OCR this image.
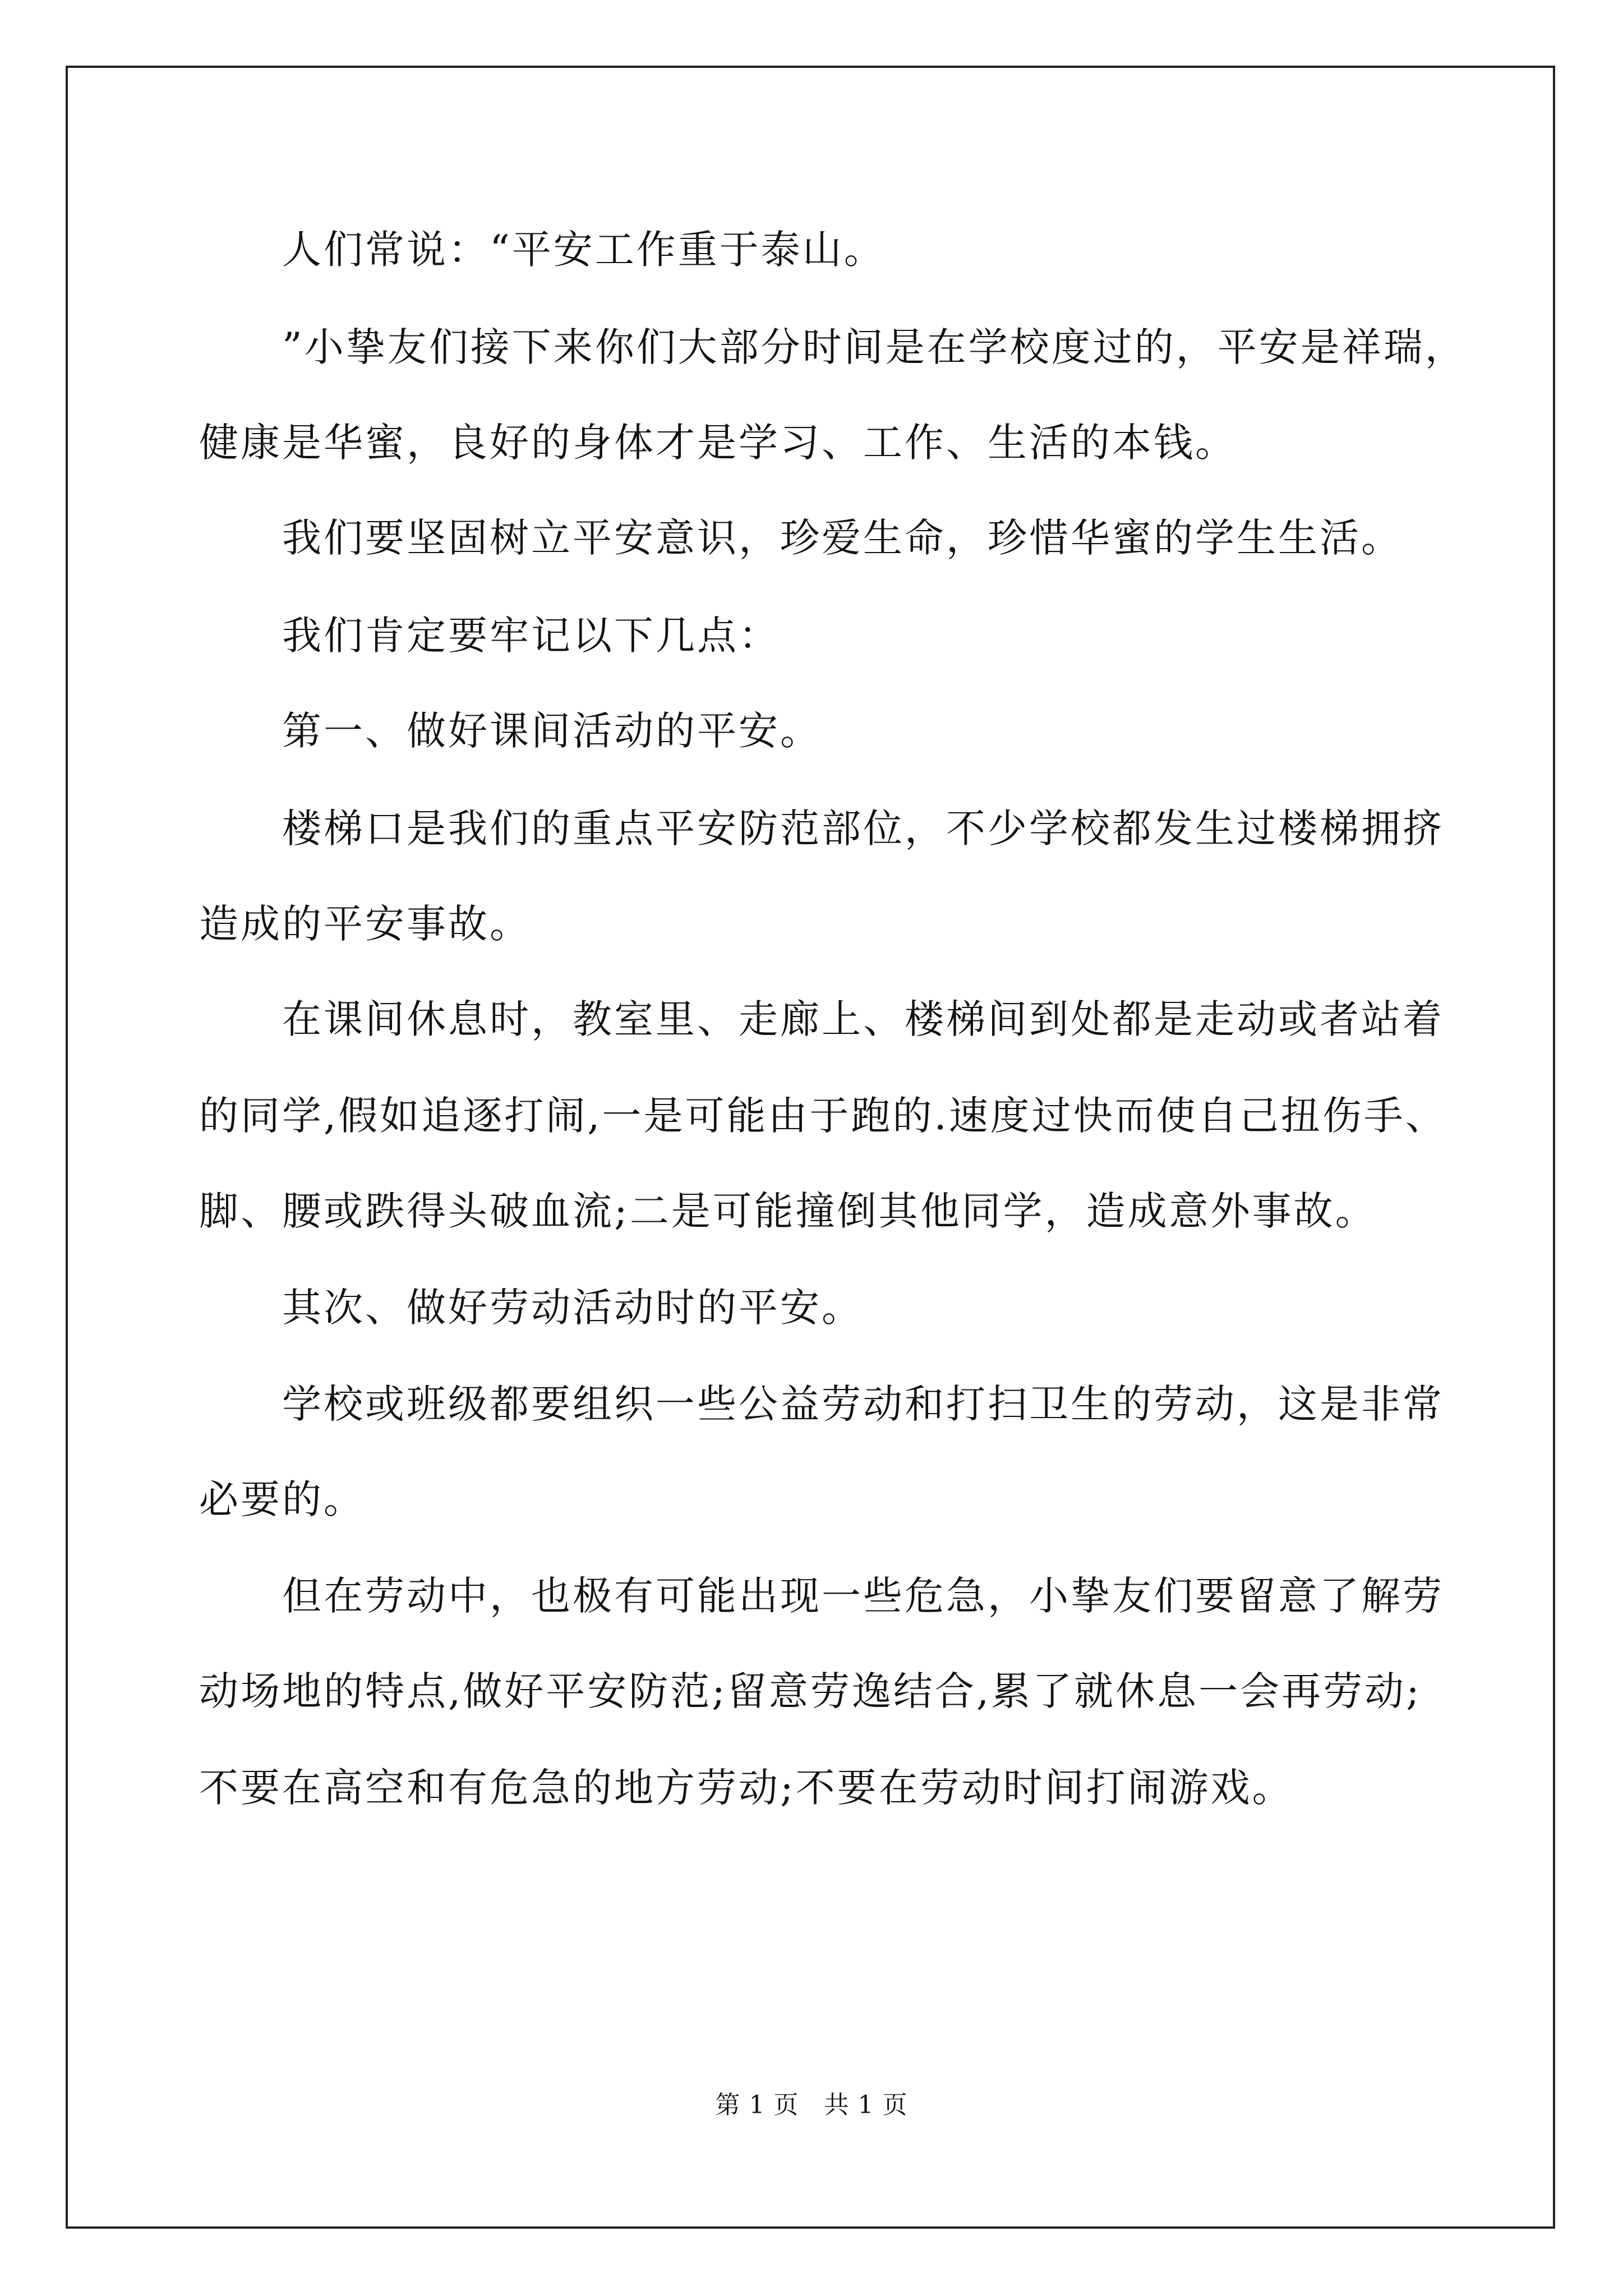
人们常说：“平安工作重于泰山。
”小挚友们接下来你们大部分时间是在学校度过的，平安是祥瑞，
健康是华蜜，良好的身体才是学习、工作、生活的本钱。
我们要坚固树立平安意识，珍爱生命，珍惜华蜜的学生生活。
我们肯定要牢记以下几点：
第一、做好课间活动的平安。
楼梯口是我们的重点平安防范部位，不少学校都发生过楼梯拥挤
造成的平安事故。
在课间休息时，教室里、走廊上、楼梯间到处都是走动或者站着
的同学,假如追逐打闹,一是可能由于跑的.速度过快而使自己扭伤手、
脚、腰或跌得头破血流;二是可能撞倒其他同学，造成意外事故。
其次、做好劳动活动时的平安。
学校或班级都要组织一些公益劳动和打扫卫生的劳动，这是非常
必要的。
但在劳动中，也极有可能出现一些危急，小挚友们要留意了解劳
动场地的特点,做好平安防范;留意劳逸结合,累了就休息一会再劳动;
不要在高空和有危急的地方劳动;不要在劳动时间打闹游戏。
第 1 页　共 1 页
